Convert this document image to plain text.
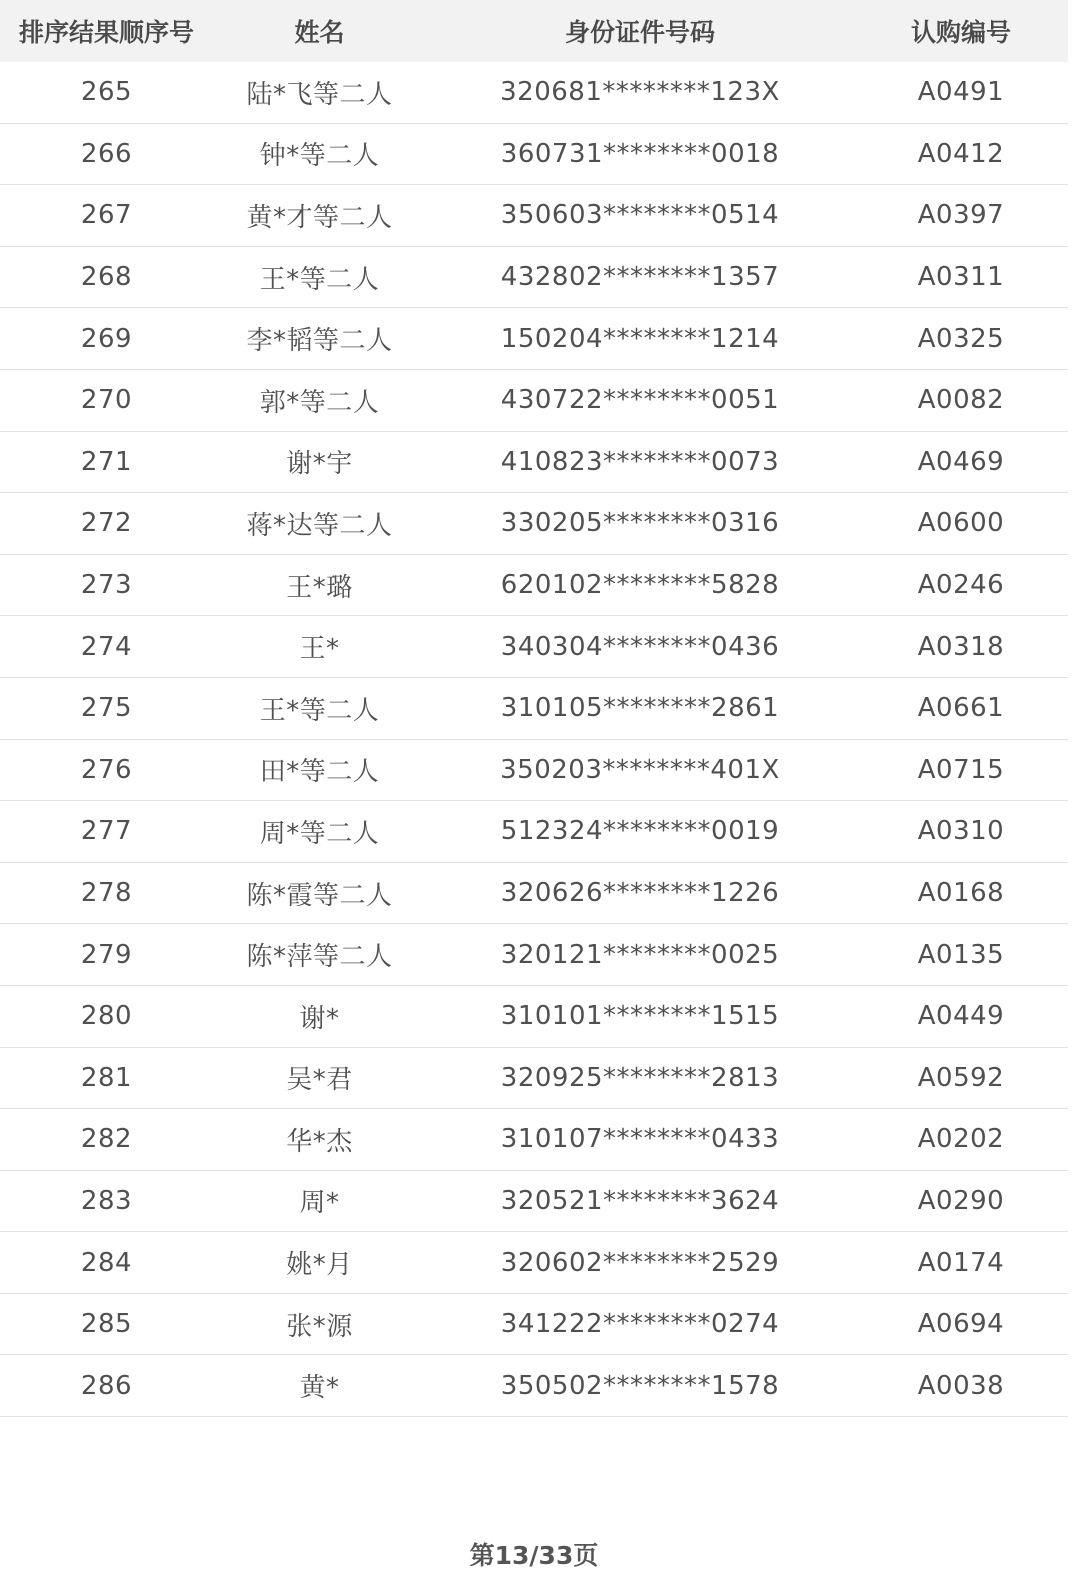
排序结果顺序号	姓名	身份证件号码	认购编号
265	陆*飞等二人	320681********123X	A0491
266	钟*等二人	360731********0018	A0412
267	黄*才等二人	350603********0514	A0397
268	王*等二人	432802********1357	A0311
269	李*韬等二人	150204********1214	A0325
270	郭*等二人	430722********0051	A0082
271	谢*宇	410823********0073	A0469
272	蒋*达等二人	330205********0316	A0600
273	王*璐	620102********5828	A0246
274	王*	340304********0436	A0318
275	王*等二人	310105********2861	A0661
276	田*等二人	350203********401X	A0715
277	周*等二人	512324********0019	A0310
278	陈*霞等二人	320626********1226	A0168
279	陈*萍等二人	320121********0025	A0135
280	谢*	310101********1515	A0449
281	吴*君	320925********2813	A0592
282	华*杰	310107********0433	A0202
283	周*	320521********3624	A0290
284	姚*月	320602********2529	A0174
285	张*源	341222********0274	A0694
286	黄*	350502********1578	A0038
第13/33页
